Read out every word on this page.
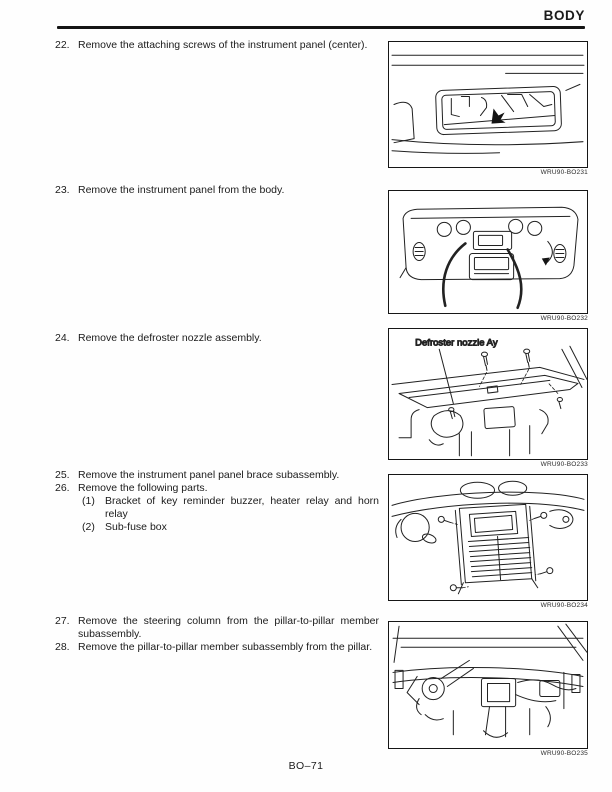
BODY
22. Remove the attaching screws of the instrument panel (center).
23. Remove the instrument panel from the body.
24. Remove the defroster nozzle assembly.
25. Remove the instrument panel panel brace subassembly.
26. Remove the following parts.
(1) Bracket of key reminder buzzer, heater relay and horn relay
(2) Sub-fuse box
27. Remove the steering column from the pillar-to-pillar member subassembly.
28. Remove the pillar-to-pillar member subassembly from the pillar.
WRU90-BO231
WRU90-BO232
Defroster nozzle Ay
WRU90-BO233
WRU90-BO234
WRU90-BO235
BO–71
